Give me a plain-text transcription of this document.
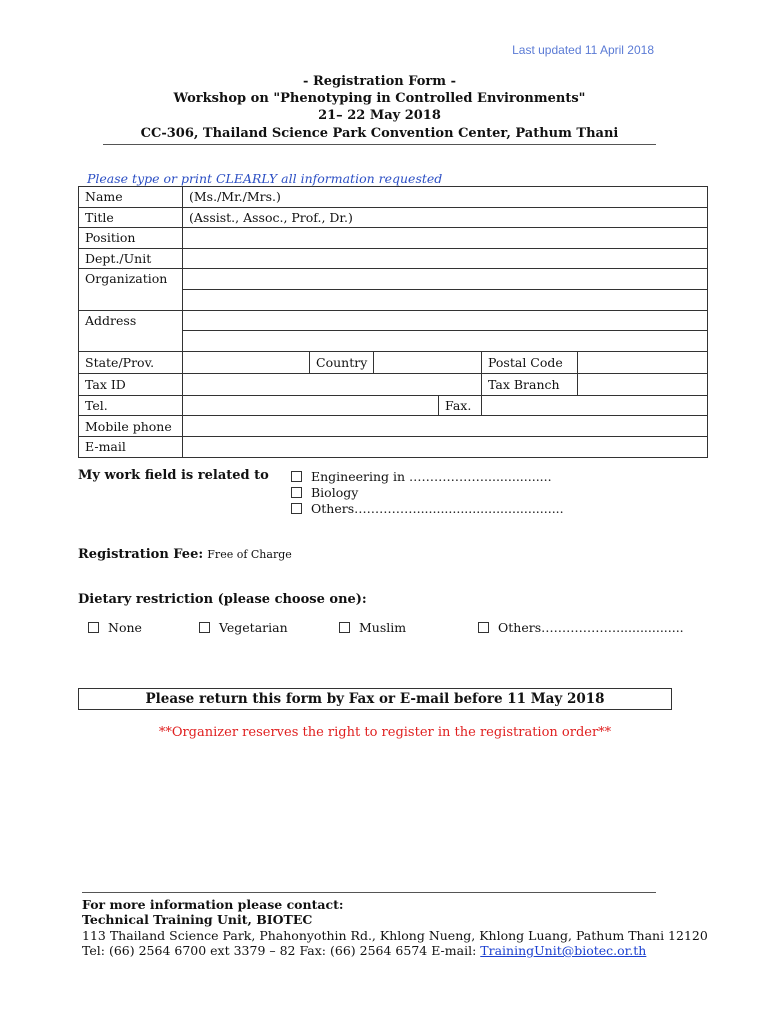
Last updated 11 April 2018
- Registration Form -
Workshop on "Phenotyping in Controlled Environments"
21– 22 May 2018
CC-306, Thailand Science Park Convention Center, Pathum Thani
Please type or print CLEARLY all information requested
Name	(Ms./Mr./Mrs.)					
Title	(Assist., Assoc., Prof., Dr.)					
Position						
Dept./Unit						
Organization						

Address						

State/Prov.		Country			Postal Code	
Tax ID					Tax Branch	
Tel.				Fax.		
Mobile phone						
E-mail						
My work field is related to	Engineering in ……………….................
Biology
Others…………….....................................
Registration Fee: Free of Charge
Dietary restriction (please choose one):
None	Vegetarian	Muslim	Others……………….................
Please return this form by Fax or E-mail before 11 May 2018
**Organizer reserves the right to register in the registration order**
For more information please contact:
Technical Training Unit, BIOTEC
113 Thailand Science Park, Phahonyothin Rd., Khlong Nueng, Khlong Luang, Pathum Thani 12120
Tel: (66) 2564 6700 ext 3379 – 82 Fax: (66) 2564 6574 E-mail: TrainingUnit@biotec.or.th
